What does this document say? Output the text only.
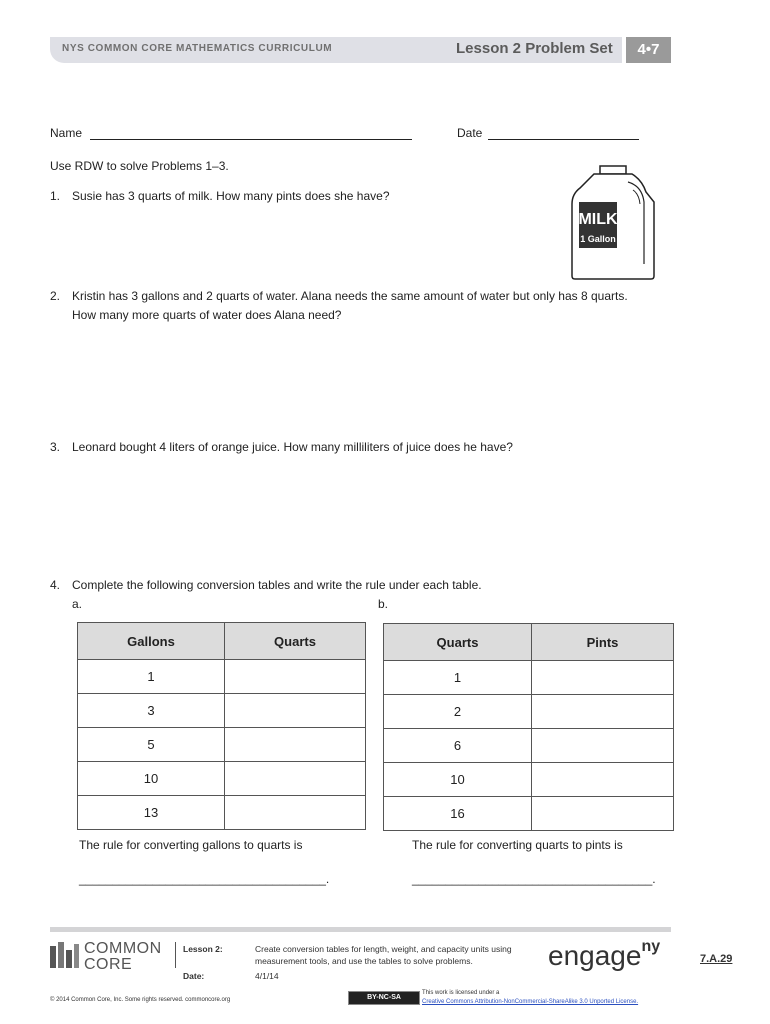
NYS COMMON CORE MATHEMATICS CURRICULUM	Lesson 2 Problem Set	4•7
Name	Date
Use RDW to solve Problems 1–3.
1. Susie has 3 quarts of milk. How many pints does she have?
MILK
1 Gallon
2. Kristin has 3 gallons and 2 quarts of water. Alana needs the same amount of water but only has 8 quarts.
How many more quarts of water does Alana need?
3. Leonard bought 4 liters of orange juice. How many milliliters of juice does he have?
4. Complete the following conversion tables and write the rule under each table.
a.	b.
Gallons	Quarts
1	
3	
5	
10	
13	
Quarts	Pints
1	
2	
6	
10	
16	
The rule for converting gallons to quarts is
_____________________________________.
The rule for converting quarts to pints is
____________________________________.
COMMON
CORE
Lesson 2:	Create conversion tables for length, weight, and capacity units using
measurement tools, and use the tables to solve problems.
Date:	4/1/14
engage$^{ny}$
7.A.29
© 2014 Common Core, Inc. Some rights reserved. commoncore.org	BY-NC-SA
This work is licensed under a
Creative Commons Attribution-NonCommercial-ShareAlike 3.0 Unported License.
